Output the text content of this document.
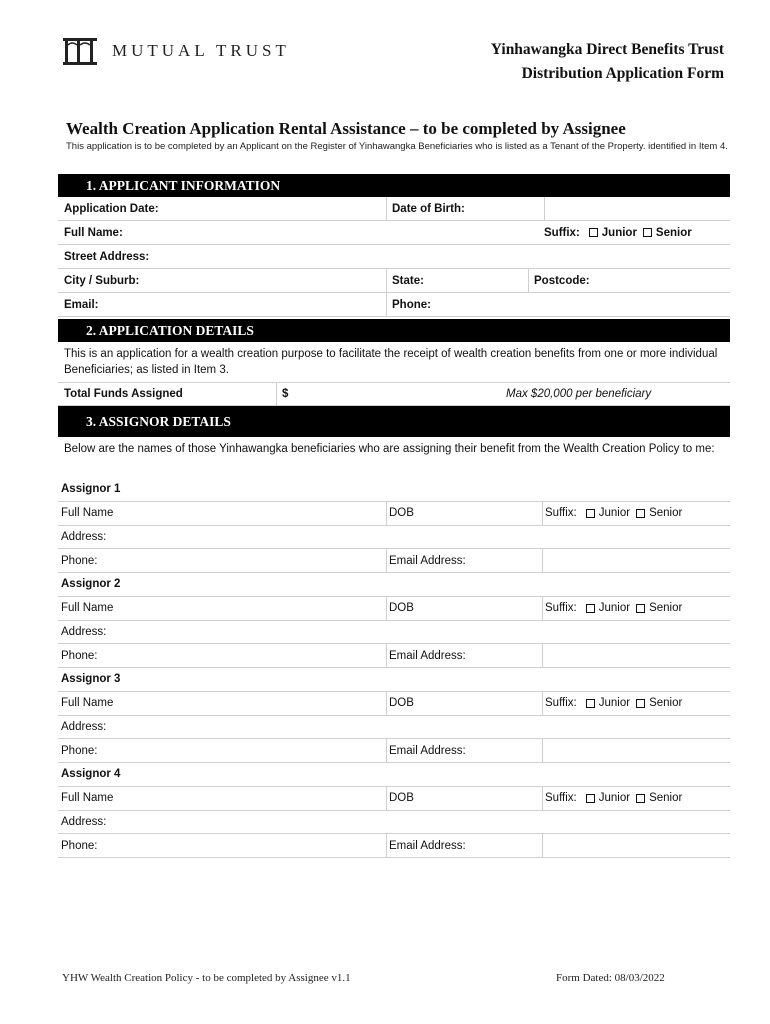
MUTUAL TRUST	Yinhawangka Direct Benefits Trust
Distribution Application Form
Wealth Creation Application Rental Assistance – to be completed by Assignee
This application is to be completed by an Applicant on the Register of Yinhawangka Beneficiaries who is listed as a Tenant of the Property. identified in Item 4.
1. APPLICANT INFORMATION
Application Date:	Date of Birth:
Full Name:	Suffix: Junior Senior
Street Address:
City / Suburb:	State:	Postcode:
Email:	Phone:
2. APPLICATION DETAILS
This is an application for a wealth creation purpose to facilitate the receipt of wealth creation benefits from one or more individual Beneficiaries; as listed in Item 3.
Total Funds Assigned	$	Max $20,000 per beneficiary
3. ASSIGNOR DETAILS
Below are the names of those Yinhawangka beneficiaries who are assigning their benefit from the Wealth Creation Policy to me:
Assignor 1
Full Name	DOB	Suffix: Junior Senior
Address:
Phone:	Email Address:
Assignor 2
Full Name	DOB	Suffix: Junior Senior
Address:
Phone:	Email Address:
Assignor 3
Full Name	DOB	Suffix: Junior Senior
Address:
Phone:	Email Address:
Assignor 4
Full Name	DOB	Suffix: Junior Senior
Address:
Phone:	Email Address:
YHW Wealth Creation Policy - to be completed by Assignee v1.1	Form Dated: 08/03/2022
